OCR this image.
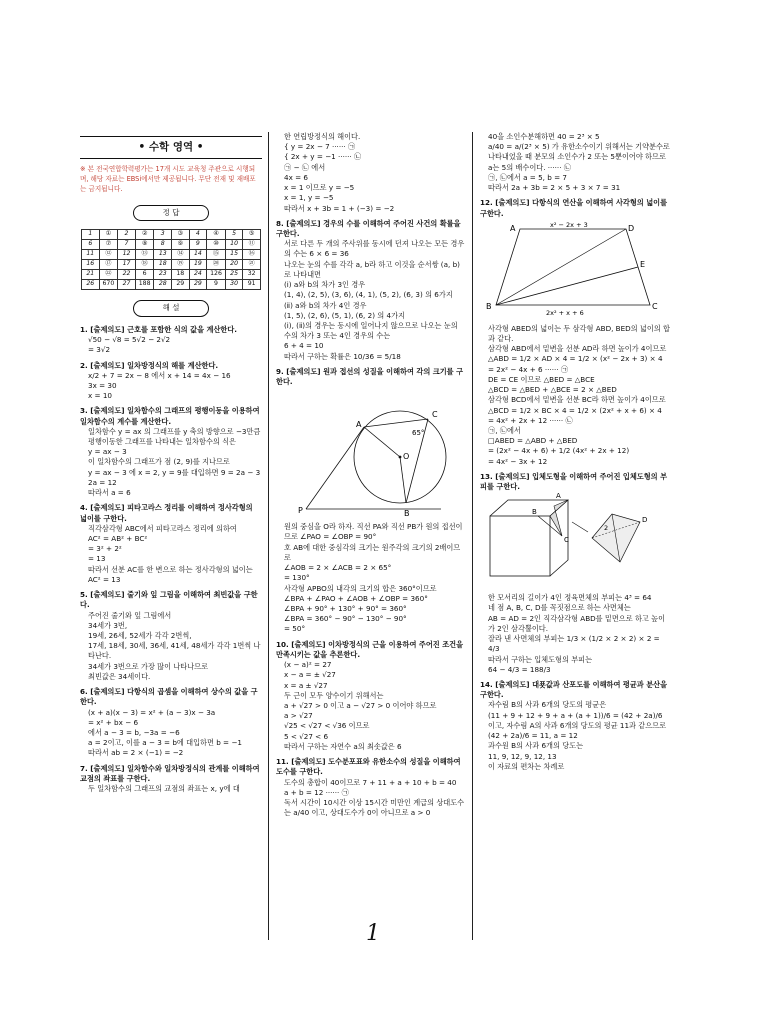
• 수학 영역 •
※ 본 전국연합학력평가는 17개 시도 교육청 주관으로 시행되며, 해당 자료는 EBSi에서만 제공됩니다. 무단 전재 및 재배포는 금지됩니다.
정 답
1	①	2	②	3	③	4	④	5	⑤
6	⑦	7	⑧	8	⑨	9	⑩	10	⑪
11	⑫	12	⑬	13	⑭	14	⑮	15	⑯
16	⑰	17	⑱	18	⑲	19	⑳	20	㉑
21	㉒	22	6	23	18	24	126	25	32
26	670	27	188	28	29	29	9	30	91
해 설
1. [출제의도] 근호를 포함한 식의 값을 계산한다.
√50 − √8 = 5√2 − 2√2
= 3√2
2. [출제의도] 일차방정식의 해를 계산한다.
x/2 + 7 = 2x − 8 에서 x + 14 = 4x − 16
3x = 30
x = 10
3. [출제의도] 일차함수의 그래프의 평행이동을 이용하여 일차함수의 계수를 계산한다.
일차함수 y = ax 의 그래프를 y 축의 방향으로 −3만큼 평행이동한 그래프를 나타내는 일차함수의 식은
y = ax − 3
이 일차함수의 그래프가 점 (2, 9)를 지나므로
y = ax − 3 에 x = 2, y = 9를 대입하면 9 = 2a − 3
2a = 12
따라서 a = 6
4. [출제의도] 피타고라스 정리를 이해하여 정사각형의 넓이를 구한다.
직각삼각형 ABC에서 피타고라스 정리에 의하여
AC² = AB² + BC²
= 3² + 2²
= 13
따라서 선분 AC를 한 변으로 하는 정사각형의 넓이는
AC² = 13
5. [출제의도] 줄기와 잎 그림을 이해하여 최빈값을 구한다.
주어진 줄기와 잎 그림에서
34세가 3번,
19세, 26세, 52세가 각각 2번씩,
17세, 18세, 30세, 36세, 41세, 48세가 각각 1번씩 나타난다.
34세가 3번으로 가장 많이 나타나므로
최빈값은 34세이다.
6. [출제의도] 다항식의 곱셈을 이해하여 상수의 값을 구한다.
(x + a)(x − 3) = x² + (a − 3)x − 3a
= x² + bx − 6
에서 a − 3 = b, −3a = −6
a = 2이고, 이를 a − 3 = b에 대입하면 b = −1
따라서 ab = 2 × (−1) = −2
7. [출제의도] 일차함수와 일차방정식의 관계를 이해하여 교점의 좌표를 구한다.
두 일차함수의 그래프의 교점의 좌표는 x, y에 대
한 연립방정식의 해이다.
{ y = 2x − 7 ······ ㉠
{ 2x + y = −1 ······ ㉡
㉠ − ㉡ 에서
4x = 6
x = 1 이므로 y = −5
x = 1, y = −5
따라서 x + 3b = 1 + (−3) = −2
8. [출제의도] 경우의 수를 이해하여 주어진 사건의 확률을 구한다.
서로 다른 두 개의 주사위를 동시에 던져 나오는 모든 경우의 수는 6 × 6 = 36
나오는 눈의 수를 각각 a, b라 하고 이것을 순서쌍 (a, b)로 나타내면
(ⅰ) a와 b의 차가 3인 경우
(1, 4), (2, 5), (3, 6), (4, 1), (5, 2), (6, 3) 의 6가지
(ⅱ) a와 b의 차가 4인 경우
(1, 5), (2, 6), (5, 1), (6, 2) 의 4가지
(ⅰ), (ⅱ)의 경우는 동시에 일어나지 않으므로 나오는 눈의 수의 차가 3 또는 4인 경우의 수는
6 + 4 = 10
따라서 구하는 확률은 10/36 = 5/18
9. [출제의도] 원과 접선의 성질을 이해하여 각의 크기를 구한다.
A
C
O
B
P
65°
원의 중심을 O라 하자. 직선 PA와 직선 PB가 원의 접선이므로 ∠PAO = ∠OBP = 90°
호 AB에 대한 중심각의 크기는 원주각의 크기의 2배이므로
∠AOB = 2 × ∠ACB = 2 × 65°
= 130°
사각형 APBO의 내각의 크기의 합은 360°이므로
∠BPA + ∠PAO + ∠AOB + ∠OBP = 360°
∠BPA + 90° + 130° + 90° = 360°
∠BPA = 360° − 90° − 130° − 90°
= 50°
10. [출제의도] 이차방정식의 근을 이용하여 주어진 조건을 만족시키는 값을 추론한다.
(x − a)² = 27
x − a = ± √27
x = a ± √27
두 근이 모두 양수이기 위해서는
a + √27 > 0 이고 a − √27 > 0 이어야 하므로
a > √27
√25 < √27 < √36 이므로
5 < √27 < 6
따라서 구하는 자연수 a의 최솟값은 6
11. [출제의도] 도수분포표와 유한소수의 성질을 이해하여 도수를 구한다.
도수의 총합이 40이므로 7 + 11 + a + 10 + b = 40
a + b = 12 ······ ㉠
독서 시간이 10시간 이상 15시간 미만인 계급의 상대도수는 a/40 이고, 상대도수가 0이 아니므로 a > 0
40을 소인수분해하면 40 = 2³ × 5
a/40 = a/(2³ × 5) 가 유한소수이기 위해서는 기약분수로 나타내었을 때 분모의 소인수가 2 또는 5뿐이어야 하므로 a는 5의 배수이다. ······ ㉡
㉠, ㉡에서 a = 5, b = 7
따라서 2a + 3b = 2 × 5 + 3 × 7 = 31
12. [출제의도] 다항식의 연산을 이해하여 사각형의 넓이를 구한다.
A	D
E
B	C
x² − 2x + 3
2x² + x + 6
사각형 ABED의 넓이는 두 삼각형 ABD, BED의 넓이의 합과 같다.
삼각형 ABD에서 밑변을 선분 AD라 하면 높이가 4이므로
△ABD = 1/2 × AD × 4 = 1/2 × (x² − 2x + 3) × 4
= 2x² − 4x + 6 ······ ㉠
DE = CE 이므로 △BED = △BCE
△BCD = △BED + △BCE = 2 × △BED
삼각형 BCD에서 밑변을 선분 BC라 하면 높이가 4이므로
△BCD = 1/2 × BC × 4 = 1/2 × (2x² + x + 6) × 4
= 4x² + 2x + 12 ······ ㉡
㉠, ㉡에서
□ABED = △ABD + △BED
= (2x² − 4x + 6) + 1/2 (4x² + 2x + 12)
= 4x² − 3x + 12
13. [출제의도] 입체도형을 이해하여 주어진 입체도형의 부피를 구한다.
B
A
C
D
2
한 모서리의 길이가 4인 정육면체의 부피는 4³ = 64
네 점 A, B, C, D를 꼭짓점으로 하는 사면체는
AB = AD = 2인 직각삼각형 ABD를 밑면으로 하고 높이가 2인 삼각뿔이다.
잘라 낸 사면체의 부피는 1/3 × (1/2 × 2 × 2) × 2 = 4/3
따라서 구하는 입체도형의 부피는
64 − 4/3 = 188/3
14. [출제의도] 대푯값과 산포도를 이해하여 평균과 분산을 구한다.
자수림 B의 사과 6개의 당도의 평균은
(11 + 9 + 12 + 9 + a + (a + 1))/6 = (42 + 2a)/6
이고, 자수림 A의 사과 6개의 당도의 평균 11과 같으므로
(42 + 2a)/6 = 11, a = 12
과수원 B의 사과 6개의 당도는
11, 9, 12, 9, 12, 13
이 자료의 편차는 차례로
1
